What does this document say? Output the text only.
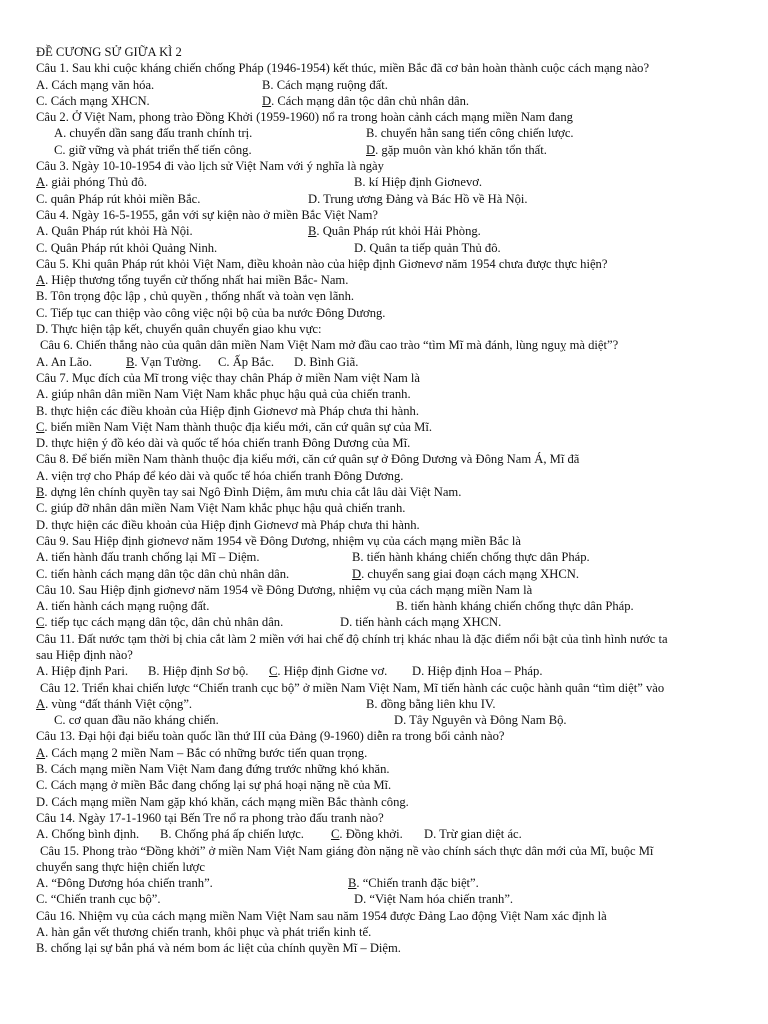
ĐỀ CƯƠNG SỬ GIỮA KÌ 2
Câu 1. Sau khi cuộc kháng chiến chống Pháp (1946-1954) kết thúc, miền Bắc đã cơ bản hoàn thành cuộc cách mạng nào?
A. Cách mạng văn hóa.	B. Cách mạng ruộng đất.
C. Cách mạng XHCN.	D. Cách mạng dân tộc dân chủ nhân dân.
Câu 2. Ở Việt Nam, phong trào Đồng Khởi (1959-1960) nổ ra trong hoàn cảnh cách mạng miền Nam đang
A. chuyển dần sang đấu tranh chính trị.	B. chuyển hẳn sang tiến công chiến lược.
C. giữ vững và phát triển thế tiến công.	D. gặp muôn vàn khó khăn tổn thất.
Câu 3. Ngày 10-10-1954 đi vào lịch sử Việt Nam với ý nghĩa là ngày
A. giải phóng Thủ đô.	B. kí Hiệp định Giơnevơ.
C. quân Pháp rút khỏi miền Bắc.	D. Trung ương Đảng và Bác Hồ về Hà Nội.
Câu 4. Ngày 16-5-1955, gắn với sự kiện nào ở miền Bắc Việt Nam?
A. Quân Pháp rút khỏi Hà Nội.	B. Quân Pháp rút khỏi Hải Phòng.
C. Quân Pháp rút khỏi Quảng Ninh.	D. Quân ta tiếp quản Thủ đô.
Câu 5. Khi quân Pháp rút khỏi Việt Nam, điều khoản nào của hiệp định Giơnevơ năm 1954 chưa được thực hiện?
A. Hiệp thương tổng tuyển cử thống nhất hai miền Bắc- Nam.
B. Tôn trọng độc lập , chủ quyền , thống nhất và toàn vẹn lãnh.
C. Tiếp tục can thiệp vào công việc nội bộ của ba nước Đông Dương.
D. Thực hiện tập kết, chuyển quân chuyển giao khu vực:
Câu 6. Chiến thắng nào của quân dân miền Nam Việt Nam mở đầu cao trào “tìm Mĩ mà đánh, lùng nguỵ mà diệt”?
A. An Lão.	B. Vạn Tường. C. Ấp Bắc. D. Bình Giã.
Câu 7. Mục đích của Mĩ trong việc thay chân Pháp ở miền Nam việt Nam là
A. giúp nhân dân miền Nam Việt Nam khắc phục hậu quả của chiến tranh.
B. thực hiện các điều khoản của Hiệp định Giơnevơ mà Pháp chưa thi hành.
C. biến miền Nam Việt Nam thành thuộc địa kiểu mới, căn cứ quân sự của Mĩ.
D. thực hiện ý đồ kéo dài và quốc tế hóa chiến tranh Đông Dương của Mĩ.
Câu 8. Để biến miền Nam thành thuộc địa kiểu mới, căn cứ quân sự ở Đông Dương và Đông Nam Á, Mĩ đã
A. viện trợ cho Pháp để kéo dài và quốc tế hóa chiến tranh Đông Dương.
B. dựng lên chính quyền tay sai Ngô Đình Diệm, âm mưu chia cắt lâu dài Việt Nam.
C. giúp đỡ nhân dân miền Nam Việt Nam khắc phục hậu quả chiến tranh.
D. thực hiện các điều khoản của Hiệp định Giơnevơ mà Pháp chưa thi hành.
Câu 9. Sau Hiệp định giơnevơ năm 1954 về Đông Dương, nhiệm vụ của cách mạng miền Bắc là
A. tiến hành đấu tranh chống lại Mĩ – Diệm.	B. tiến hành kháng chiến chống thực dân Pháp.
C. tiến hành cách mạng dân tộc dân chủ nhân dân.	D. chuyển sang giai đoạn cách mạng XHCN.
Câu 10. Sau Hiệp định giơnevơ năm 1954 về Đông Dương, nhiệm vụ của cách mạng miền Nam là
A. tiến hành cách mạng ruộng đất.	B. tiến hành kháng chiến chống thực dân Pháp.
C. tiếp tục cách mạng dân tộc, dân chủ nhân dân.	D. tiến hành cách mạng XHCN.
Câu 11. Đất nước tạm thời bị chia cắt làm 2 miền với hai chế độ chính trị khác nhau là đặc điểm nổi bật của tình hình nước ta
sau Hiệp định nào?
A. Hiệp định Pari. B. Hiệp định Sơ bộ. C. Hiệp định Giơne vơ. D. Hiệp định Hoa – Pháp.
Câu 12. Triển khai chiến lược “Chiến tranh cục bộ” ở miền Nam Việt Nam, Mĩ tiến hành các cuộc hành quân “tìm diệt” vào
A. vùng “đất thánh Việt cộng”.	B. đồng bằng liên khu IV.
C. cơ quan đầu não kháng chiến.	D. Tây Nguyên và Đông Nam Bộ.
Câu 13. Đại hội đại biểu toàn quốc lần thứ III của Đảng (9-1960) diễn ra trong bối cảnh nào?
A. Cách mạng 2 miền Nam – Bắc có những bước tiến quan trọng.
B. Cách mạng miền Nam Việt Nam đang đứng trước những khó khăn.
C. Cách mạng ở miền Bắc đang chống lại sự phá hoại nặng nề của Mĩ.
D. Cách mạng miền Nam gặp khó khăn, cách mạng miền Bắc thành công.
Câu 14. Ngày 17-1-1960 tại Bến Tre nổ ra phong trào đấu tranh nào?
A. Chống bình định. B. Chống phá ấp chiến lược. C. Đồng khởi. D. Trừ gian diệt ác.
Câu 15. Phong trào “Đồng khởi” ở miền Nam Việt Nam giáng đòn nặng nề vào chính sách thực dân mới của Mĩ, buộc Mĩ
chuyển sang thực hiện chiến lược
A. “Đông Dương hóa chiến tranh”.	B. “Chiến tranh đặc biệt”.
C. “Chiến tranh cục bộ”.	D. “Việt Nam hóa chiến tranh”.
Câu 16. Nhiệm vụ của cách mạng miền Nam Việt Nam sau năm 1954 được Đảng Lao động Việt Nam xác định là
A. hàn gắn vết thương chiến tranh, khôi phục và phát triển kinh tế.
B. chống lại sự bắn phá và ném bom ác liệt của chính quyền Mĩ – Diệm.
